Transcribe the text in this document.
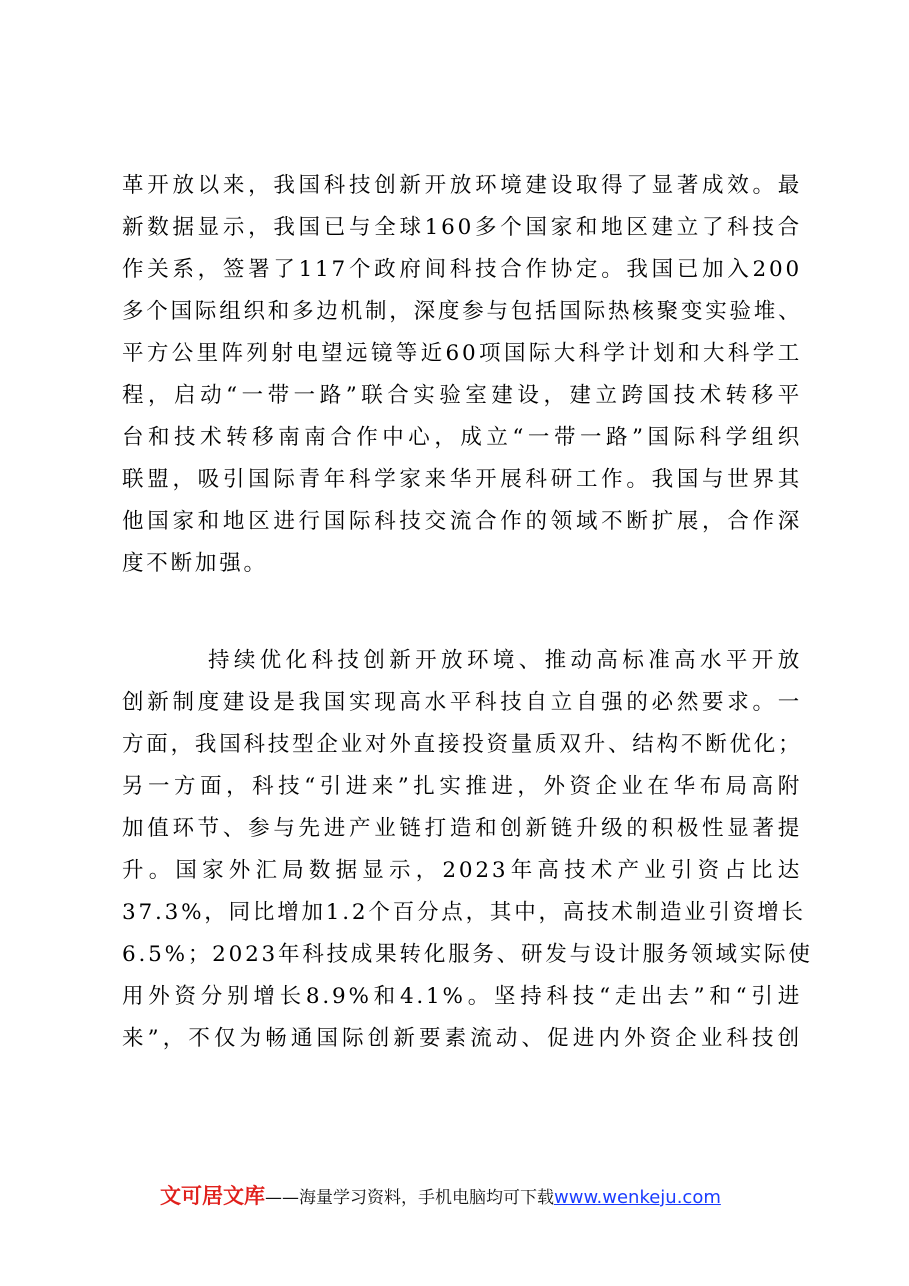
革开放以来，我国科技创新开放环境建设取得了显著成效。最
新数据显示，我国已与全球160多个国家和地区建立了科技合
作关系，签署了117个政府间科技合作协定。我国已加入200
多个国际组织和多边机制，深度参与包括国际热核聚变实验堆、
平方公里阵列射电望远镜等近60项国际大科学计划和大科学工
程，启动“一带一路”联合实验室建设，建立跨国技术转移平
台和技术转移南南合作中心，成立“一带一路”国际科学组织
联盟，吸引国际青年科学家来华开展科研工作。我国与世界其
他国家和地区进行国际科技交流合作的领域不断扩展，合作深
度不断加强。
持续优化科技创新开放环境、推动高标准高水平开放
创新制度建设是我国实现高水平科技自立自强的必然要求。一
方面，我国科技型企业对外直接投资量质双升、结构不断优化；
另一方面，科技“引进来”扎实推进，外资企业在华布局高附
加值环节、参与先进产业链打造和创新链升级的积极性显著提
升。国家外汇局数据显示，2023年高技术产业引资占比达
37.3%，同比增加1.2个百分点，其中，高技术制造业引资增长
6.5%；2023年科技成果转化服务、研发与设计服务领域实际使
用外资分别增长8.9%和4.1%。坚持科技“走出去”和“引进
来”，不仅为畅通国际创新要素流动、促进内外资企业科技创
文可居文库——海量学习资料，手机电脑均可下载www.wenkeju.com
